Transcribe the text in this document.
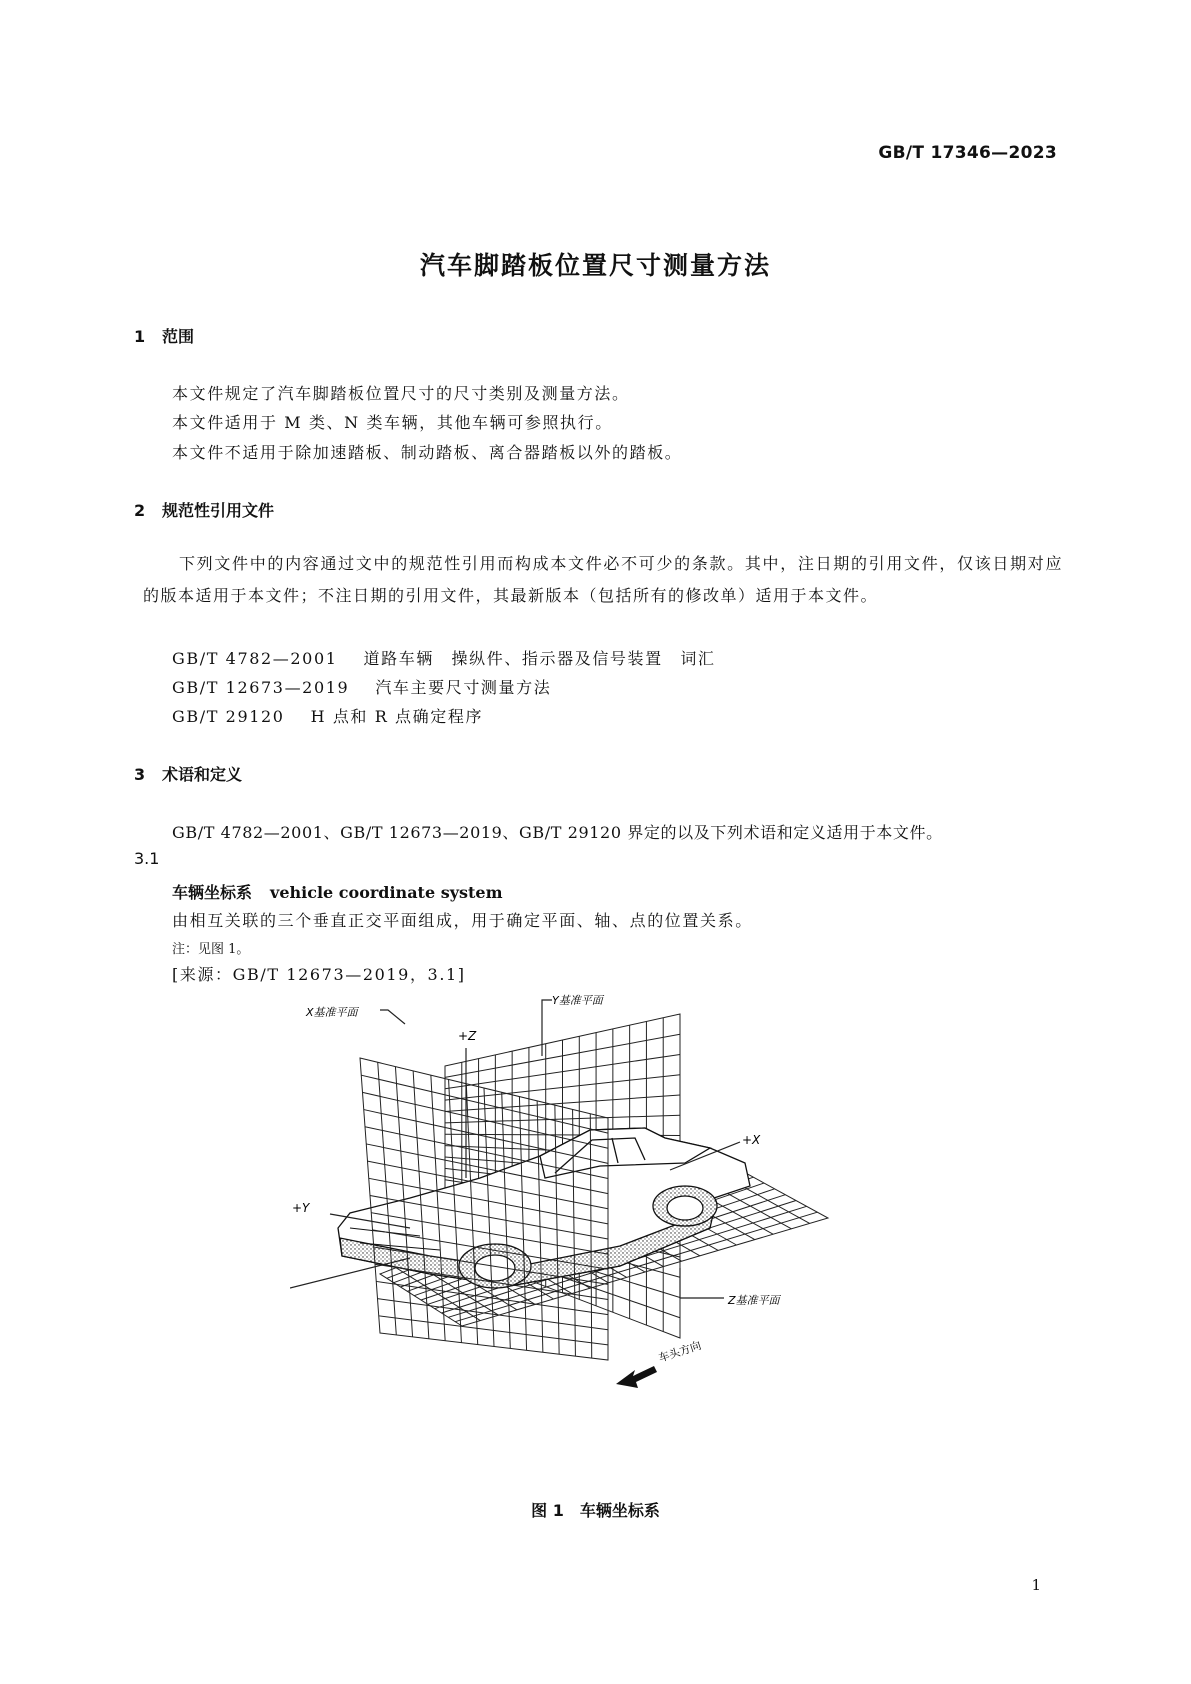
GB/T 17346—2023
汽车脚踏板位置尺寸测量方法
1 范围
本文件规定了汽车脚踏板位置尺寸的尺寸类别及测量方法。
本文件适用于 M 类、N 类车辆，其他车辆可参照执行。
本文件不适用于除加速踏板、制动踏板、离合器踏板以外的踏板。
2 规范性引用文件
下列文件中的内容通过文中的规范性引用而构成本文件必不可少的条款。其中，注日期的引用文件，仅该日期对应的版本适用于本文件；不注日期的引用文件，其最新版本（包括所有的修改单）适用于本文件。
GB/T 4782—2001 道路车辆　操纵件、指示器及信号装置　词汇
GB/T 12673—2019 汽车主要尺寸测量方法
GB/T 29120 H 点和 R 点确定程序
3 术语和定义
GB/T 4782—2001、GB/T 12673—2019、GB/T 29120 界定的以及下列术语和定义适用于本文件。
3.1
车辆坐标系 vehicle coordinate system
由相互关联的三个垂直正交平面组成，用于确定平面、轴、点的位置关系。
注：见图 1。
[来源：GB/T 12673—2019，3.1]
X基准平面
Y基准平面
Z基准平面
+Z
+X
+Y
车头方向
图 1　车辆坐标系
1
